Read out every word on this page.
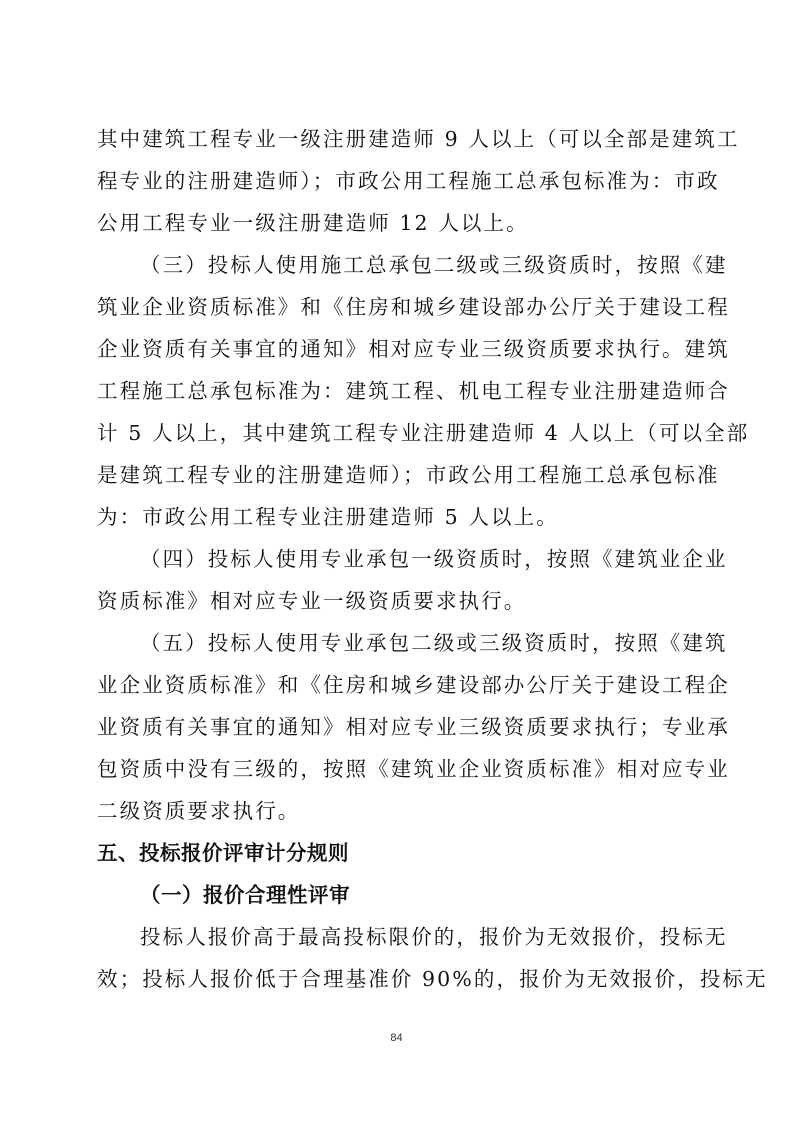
其中建筑工程专业一级注册建造师 9 人以上（可以全部是建筑工
程专业的注册建造师）；市政公用工程施工总承包标准为：市政
公用工程专业一级注册建造师 12 人以上。
（三）投标人使用施工总承包二级或三级资质时，按照《建
筑业企业资质标准》和《住房和城乡建设部办公厅关于建设工程
企业资质有关事宜的通知》相对应专业三级资质要求执行。建筑
工程施工总承包标准为：建筑工程、机电工程专业注册建造师合
计 5 人以上，其中建筑工程专业注册建造师 4 人以上（可以全部
是建筑工程专业的注册建造师）；市政公用工程施工总承包标准
为：市政公用工程专业注册建造师 5 人以上。
（四）投标人使用专业承包一级资质时，按照《建筑业企业
资质标准》相对应专业一级资质要求执行。
（五）投标人使用专业承包二级或三级资质时，按照《建筑
业企业资质标准》和《住房和城乡建设部办公厅关于建设工程企
业资质有关事宜的通知》相对应专业三级资质要求执行；专业承
包资质中没有三级的，按照《建筑业企业资质标准》相对应专业
二级资质要求执行。
五、投标报价评审计分规则
（一）报价合理性评审
投标人报价高于最高投标限价的，报价为无效报价，投标无
效；投标人报价低于合理基准价 90%的，报价为无效报价，投标无
84
